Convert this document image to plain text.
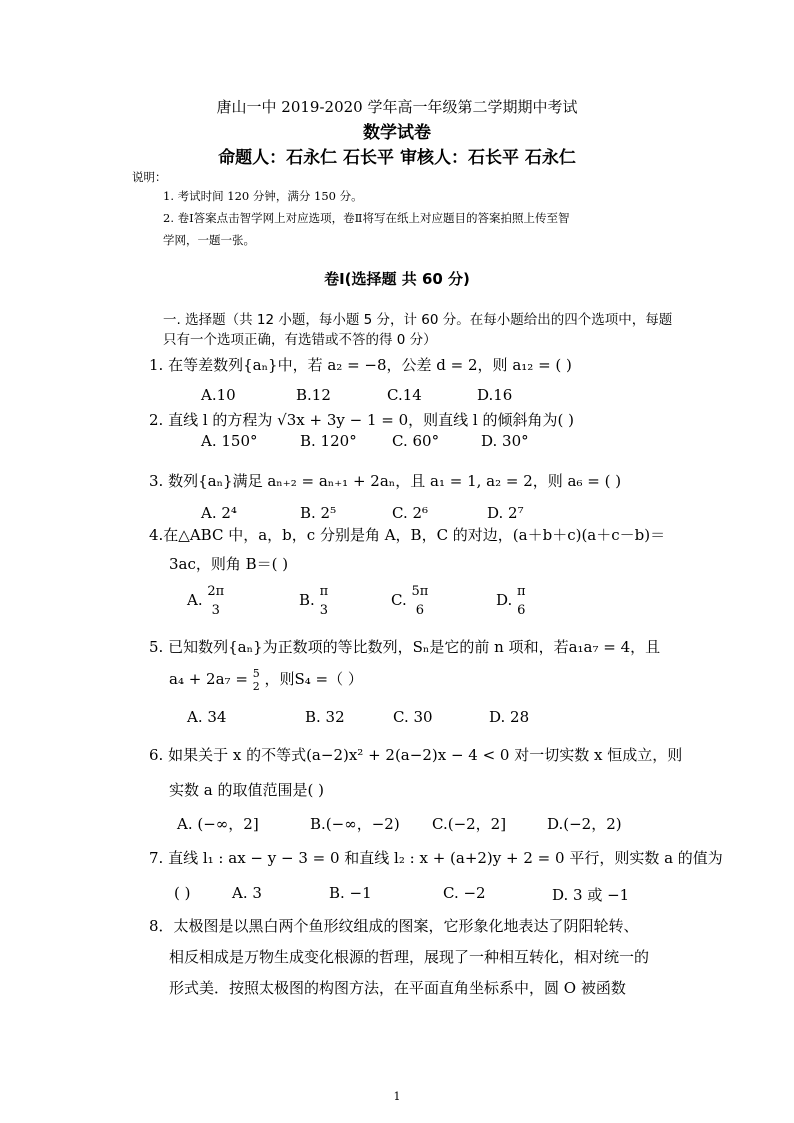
唐山一中 2019-2020 学年高一年级第二学期期中考试
数学试卷
命题人：石永仁 石长平 审核人：石长平 石永仁
说明：
1. 考试时间 120 分钟，满分 150 分。
2. 卷Ⅰ答案点击智学网上对应选项，卷Ⅱ将写在纸上对应题目的答案拍照上传至智
学网，一题一张。
卷Ⅰ(选择题 共 60 分)
一. 选择题（共 12 小题，每小题 5 分，计 60 分。在每小题给出的四个选项中，每题
只有一个选项正确，有选错或不答的得 0 分）
1. 在等差数列{aₙ}中，若 a₂ = −8，公差 d = 2，则 a₁₂ = ( )
A.10	B.12	C.14	D.16
2. 直线 l 的方程为 √3x + 3y − 1 = 0，则直线 l 的倾斜角为( )
A. 150°	B. 120° C. 60°	D. 30°
3. 数列{aₙ}满足 aₙ₊₂ = aₙ₊₁ + 2aₙ，且 a₁ = 1, a₂ = 2，则 a₆ = ( )
A. 2⁴	B. 2⁵	C. 2⁶	D. 2⁷
4.在△ABC 中，a，b，c 分别是角 A，B，C 的对边，(a＋b＋c)(a＋c－b)＝
3ac，则角 B＝( )
A. 2π
3
B. π
3
C. 5π
6
D. π
6
5. 已知数列{aₙ}为正数项的等比数列，Sₙ是它的前 n 项和，若a₁a₇ = 4，且
a₄ + 2a₇ = 5
2 ，则S₄ =（ ）
A. 34	B. 32	C. 30	D. 28
6. 如果关于 x 的不等式(a−2)x² + 2(a−2)x − 4 < 0 对一切实数 x 恒成立，则
实数 a 的取值范围是( )
A. (−∞，2]	B.(−∞，−2) C.(−2，2]	D.(−2，2)
7. 直线 l₁ : ax − y − 3 = 0 和直线 l₂ : x + (a+2)y + 2 = 0 平行，则实数 a 的值为
( )	A. 3	B. −1	C. −2	D. 3 或 −1
8．太极图是以黑白两个鱼形纹组成的图案，它形象化地表达了阴阳轮转、
相反相成是万物生成变化根源的哲理，展现了一种相互转化，相对统一的
形式美．按照太极图的构图方法，在平面直角坐标系中，圆 O 被函数
1
